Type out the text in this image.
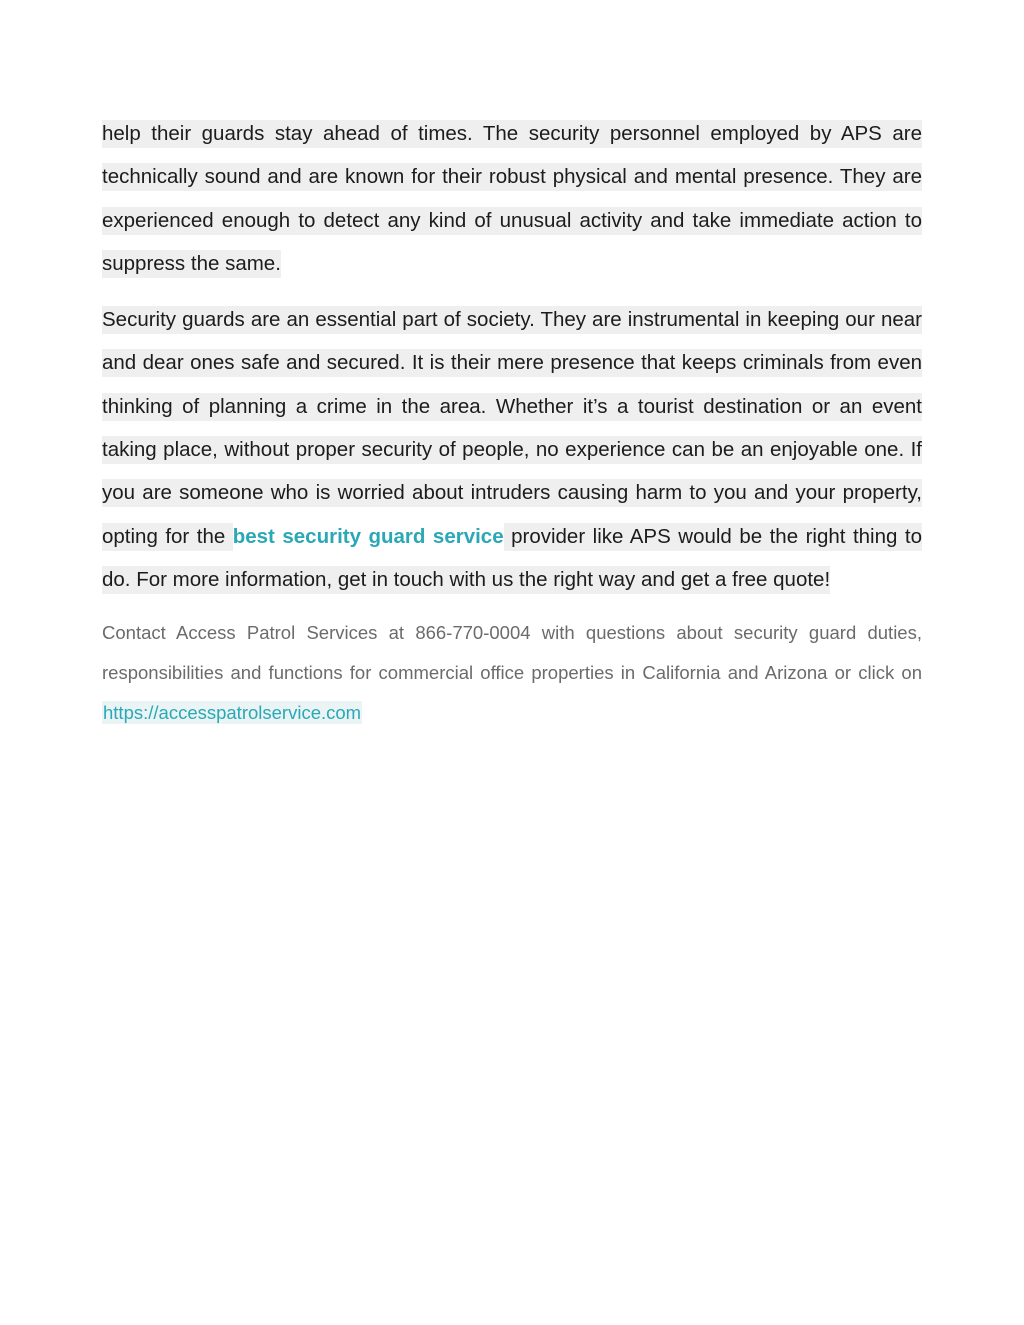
help their guards stay ahead of times. The security personnel employed by APS are technically sound and are known for their robust physical and mental presence. They are experienced enough to detect any kind of unusual activity and take immediate action to suppress the same.

Security guards are an essential part of society. They are instrumental in keeping our near and dear ones safe and secured. It is their mere presence that keeps criminals from even thinking of planning a crime in the area. Whether it’s a tourist destination or an event taking place, without proper security of people, no experience can be an enjoyable one. If you are someone who is worried about intruders causing harm to you and your property, opting for the best security guard service provider like APS would be the right thing to do. For more information, get in touch with us the right way and get a free quote!

Contact Access Patrol Services at 866-770-0004 with questions about security guard duties, responsibilities and functions for commercial office properties in California and Arizona or click on https://accesspatrolservice.com
